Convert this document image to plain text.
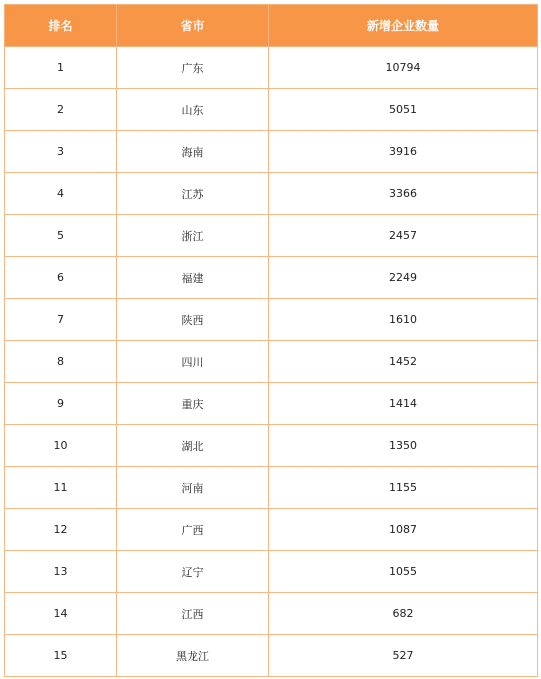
排名	省市	新增企业数量
1	广东	10794
2	山东	5051
3	海南	3916
4	江苏	3366
5	浙江	2457
6	福建	2249
7	陕西	1610
8	四川	1452
9	重庆	1414
10	湖北	1350
11	河南	1155
12	广西	1087
13	辽宁	1055
14	江西	682
15	黑龙江	527
